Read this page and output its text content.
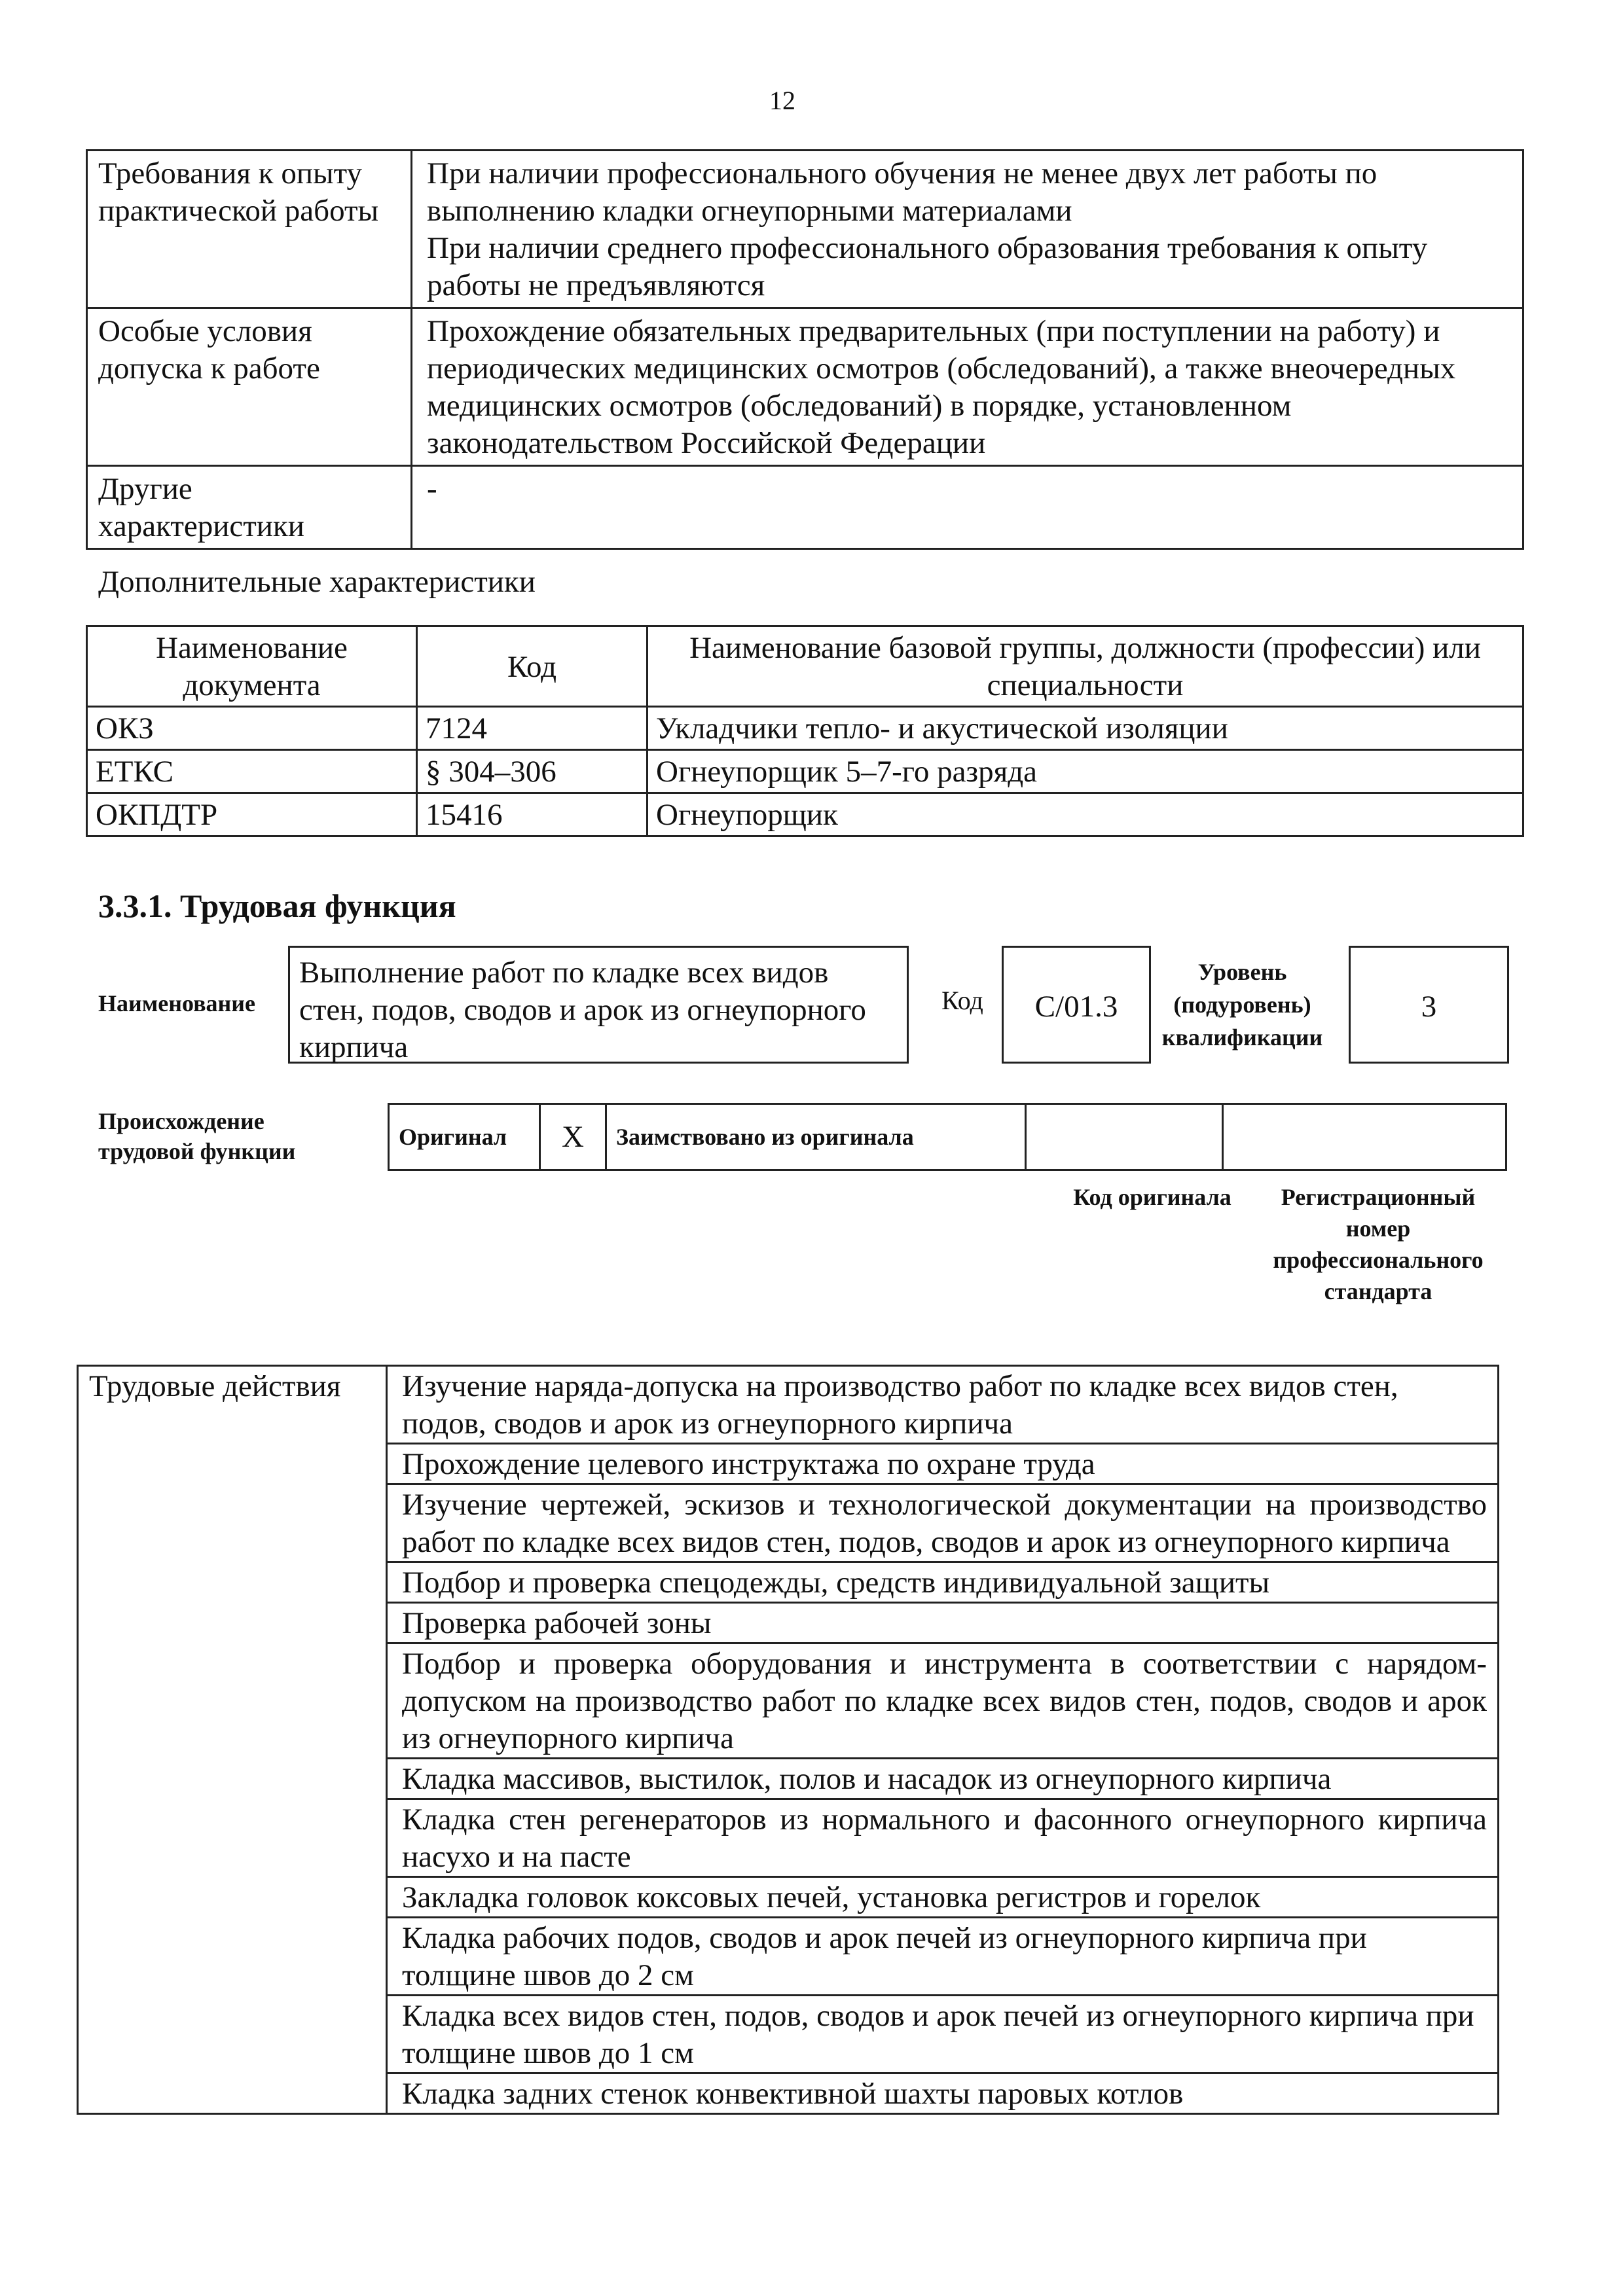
12
Требования к опыту практической работы	При наличии профессионального обучения не менее двух лет работы по выполнению кладки огнеупорными материалами
При наличии среднего профессионального образования требования к опыту работы не предъявляются

Особые условия допуска к работе	Прохождение обязательных предварительных (при поступлении на работу) и периодических медицинских осмотров (обследований), а также внеочередных медицинских осмотров (обследований) в порядке, установленном законодательством Российской Федерации
Другие характеристики	-
Дополнительные характеристики
Наименование документа	Код	Наименование базовой группы, должности (профессии) или специальности
ОКЗ	7124	Укладчики тепло- и акустической изоляции
ЕТКС	§ 304–306	Огнеупорщик 5–7-го разряда
ОКПДТР	15416	Огнеупорщик
3.3.1. Трудовая функция
Наименование
Выполнение работ по кладке всех видов стен, подов, сводов и арок из огнеупорного кирпича
Код	C/01.3
Уровень (подуровень) квалификации
3
Происхождение трудовой функции
Оригинал	X	Заимствовано из оригинала		
Код оригинала	Регистрационный номер профессионального стандарта
Трудовые действия	Изучение наряда-допуска на производство работ по кладке всех видов стен, подов, сводов и арок из огнеупорного кирпича
Прохождение целевого инструктажа по охране труда
Изучение чертежей, эскизов и технологической документации на производство работ по кладке всех видов стен, подов, сводов и арок из огнеупорного кирпича
Подбор и проверка спецодежды, средств индивидуальной защиты
Проверка рабочей зоны
Подбор и проверка оборудования и инструмента в соответствии с нарядом-допуском на производство работ по кладке всех видов стен, подов, сводов и арок из огнеупорного кирпича
Кладка массивов, выстилок, полов и насадок из огнеупорного кирпича
Кладка стен регенераторов из нормального и фасонного огнеупорного кирпича насухо и на пасте
Закладка головок коксовых печей, установка регистров и горелок
Кладка рабочих подов, сводов и арок печей из огнеупорного кирпича при толщине швов до 2 см
Кладка всех видов стен, подов, сводов и арок печей из огнеупорного кирпича при толщине швов до 1 см
Кладка задних стенок конвективной шахты паровых котлов
